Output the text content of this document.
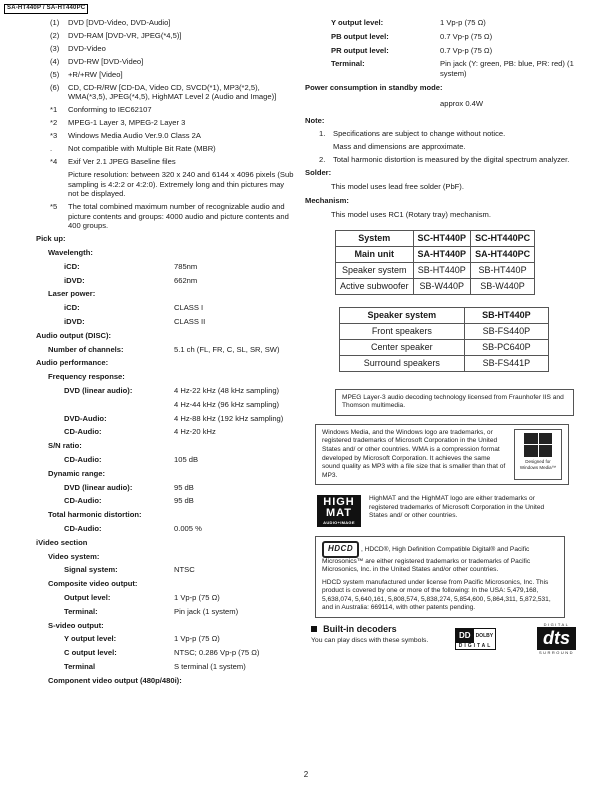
SA-HT440P / SA-HT440PC
(1) DVD [DVD-Video, DVD-Audio]
(2) DVD-RAM [DVD-VR, JPEG(*4,5)]
(3) DVD-Video
(4) DVD-RW [DVD-Video]
(5) +R/+RW [Video]
(6) CD, CD-R/RW [CD-DA, Video CD, SVCD(*1), MP3(*2,5), WMA(*3,5), JPEG(*4,5), HighMAT Level 2 (Audio and Image)]
*1 Conforming to IEC62107
*2 MPEG-1 Layer 3, MPEG-2 Layer 3
*3 Windows Media Audio Ver.9.0 Class 2A
. Not compatible with Multiple Bit Rate (MBR)
*4 Exif Ver 2.1 JPEG Baseline files
Picture resolution: between 320 x 240 and 6144 x 4096 pixels (Sub sampling is 4:2:2 or 4:2:0). Extremely long and thin pictures may not be displayed.
*5 The total combined maximum number of recognizable audio and picture contents and groups: 4000 audio and picture contents and 400 groups.
Pick up:
Wavelength:
iCD:	785nm
iDVD:	662nm
Laser power:
iCD:	CLASS I
iDVD:	CLASS II
Audio output (DISC):
Number of channels:	5.1 ch (FL, FR, C, SL, SR, SW)
Audio performance:
Frequency response:
DVD (linear audio):	4 Hz-22 kHz (48 kHz sampling)
4 Hz-44 kHz (96 kHz sampling)
DVD-Audio:	4 Hz-88 kHz (192 kHz sampling)
CD-Audio:	4 Hz-20 kHz
S/N ratio:
CD-Audio:	105 dB
Dynamic range:
DVD (linear audio):	95 dB
CD-Audio:	95 dB
Total harmonic distortion:
CD-Audio:	0.005 %
iVideo section
Video system:
Signal system:	NTSC
Composite video output:
Output level:	1 Vp-p (75 Ω)
Terminal:	Pin jack (1 system)
S-video output:
Y output level:	1 Vp-p (75 Ω)
C output level:	NTSC; 0.286 Vp-p (75 Ω)
Terminal	S terminal (1 system)
Component video output (480p/480i):
Y output level:	1 Vp-p (75 Ω)
PB output level:	0.7 Vp-p (75 Ω)
PR output level:	0.7 Vp-p (75 Ω)
Terminal:	Pin jack (Y: green, PB: blue, PR: red) (1 system)
Power consumption in standby mode:
approx 0.4W
Note:
1. Specifications are subject to change without notice.
Mass and dimensions are approximate.
2. Total harmonic distortion is measured by the digital spectrum analyzer.
Solder:
This model uses lead free solder (PbF).
Mechanism:
This model uses RC1 (Rotary tray) mechanism.
System	SC-HT440P	SC-HT440PC
Main unit	SA-HT440P	SA-HT440PC
Speaker system	SB-HT440P	SB-HT440P
Active subwoofer	SB-W440P	SB-W440P
Speaker system	SB-HT440P
Front speakers	SB-FS440P
Center speaker	SB-PC640P
Surround speakers	SB-FS441P
MPEG Layer-3 audio decoding technology licensed from Fraunhofer IIS and Thomson multimedia.
Windows Media, and the Windows logo are trademarks, or registered trademarks of Microsoft Corporation in the United States and/ or other countries. WMA is a compression format developed by Microsoft Corporation. It achieves the same sound quality as MP3 with a file size that is smaller than that of MP3.
Designed for
Windows Media™
HIGH
MAT
AUDIO+IMAGE
HighMAT and the HighMAT logo are either trademarks or registered trademarks of Microsoft Corporation in the United States and/ or other countries.
HDCD , HDCD®, High Definition Compatible Digital® and Pacific Microsonics™ are either registered trademarks or trademarks of Pacific Microsonics, Inc. in the United States and/or other countries.
HDCD system manufactured under license from Pacific Microsonics, Inc. This product is covered by one or more of the following: In the USA: 5,479,168, 5,638,074, 5,640,161, 5,808,574, 5,838,274, 5,854,600, 5,864,311, 5,872,531, and in Australia: 669114, with other patents pending.
Built-in decoders
You can play discs with these symbols.
DD	DOLBY
DIGITAL
DIGITAL
dts
SURROUND
2
